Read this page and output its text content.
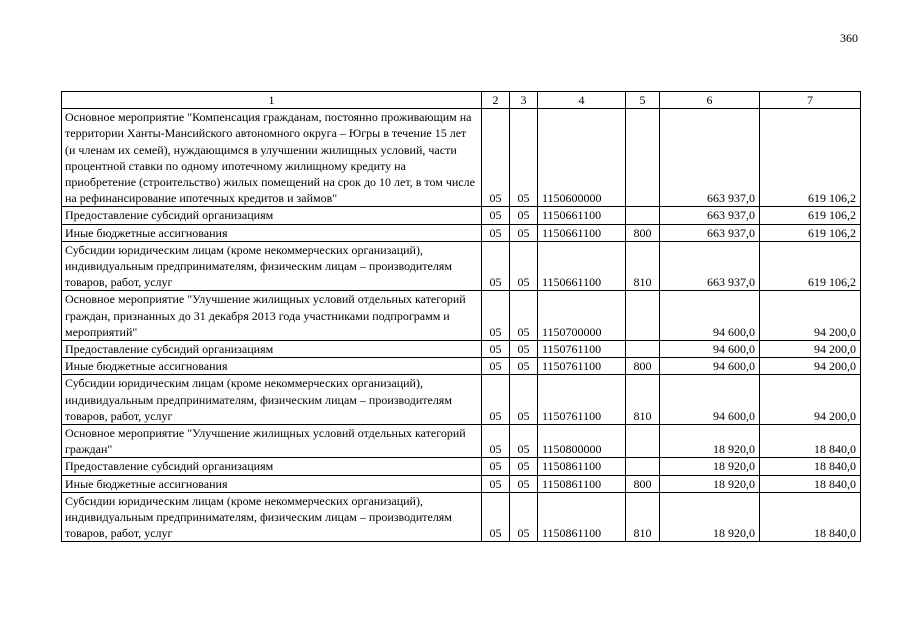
360
1	2	3	4	5	6	7
Основное мероприятие "Компенсация гражданам, постоянно проживающим на территории Ханты-Мансийского автономного округа – Югры в течение 15 лет (и членам их семей), нуждающимся в улучшении жилищных условий, части процентной ставки по одному ипотечному жилищному кредиту на приобретение (строительство) жилых помещений на срок до 10 лет, в том числе на рефинансирование ипотечных кредитов и займов"	05	05	1150600000		663 937,0	619 106,2
Предоставление субсидий организациям	05	05	1150661100		663 937,0	619 106,2
Иные бюджетные ассигнования	05	05	1150661100	800	663 937,0	619 106,2
Субсидии юридическим лицам (кроме некоммерческих организаций), индивидуальным предпринимателям, физическим лицам – производителям товаров, работ, услуг	05	05	1150661100	810	663 937,0	619 106,2
Основное мероприятие "Улучшение жилищных условий отдельных категорий граждан, признанных до 31 декабря 2013 года участниками подпрограмм и мероприятий"	05	05	1150700000		94 600,0	94 200,0
Предоставление субсидий организациям	05	05	1150761100		94 600,0	94 200,0
Иные бюджетные ассигнования	05	05	1150761100	800	94 600,0	94 200,0
Субсидии юридическим лицам (кроме некоммерческих организаций), индивидуальным предпринимателям, физическим лицам – производителям товаров, работ, услуг	05	05	1150761100	810	94 600,0	94 200,0
Основное мероприятие "Улучшение жилищных условий отдельных категорий граждан"	05	05	1150800000		18 920,0	18 840,0
Предоставление субсидий организациям	05	05	1150861100		18 920,0	18 840,0
Иные бюджетные ассигнования	05	05	1150861100	800	18 920,0	18 840,0
Субсидии юридическим лицам (кроме некоммерческих организаций), индивидуальным предпринимателям, физическим лицам – производителям товаров, работ, услуг	05	05	1150861100	810	18 920,0	18 840,0
